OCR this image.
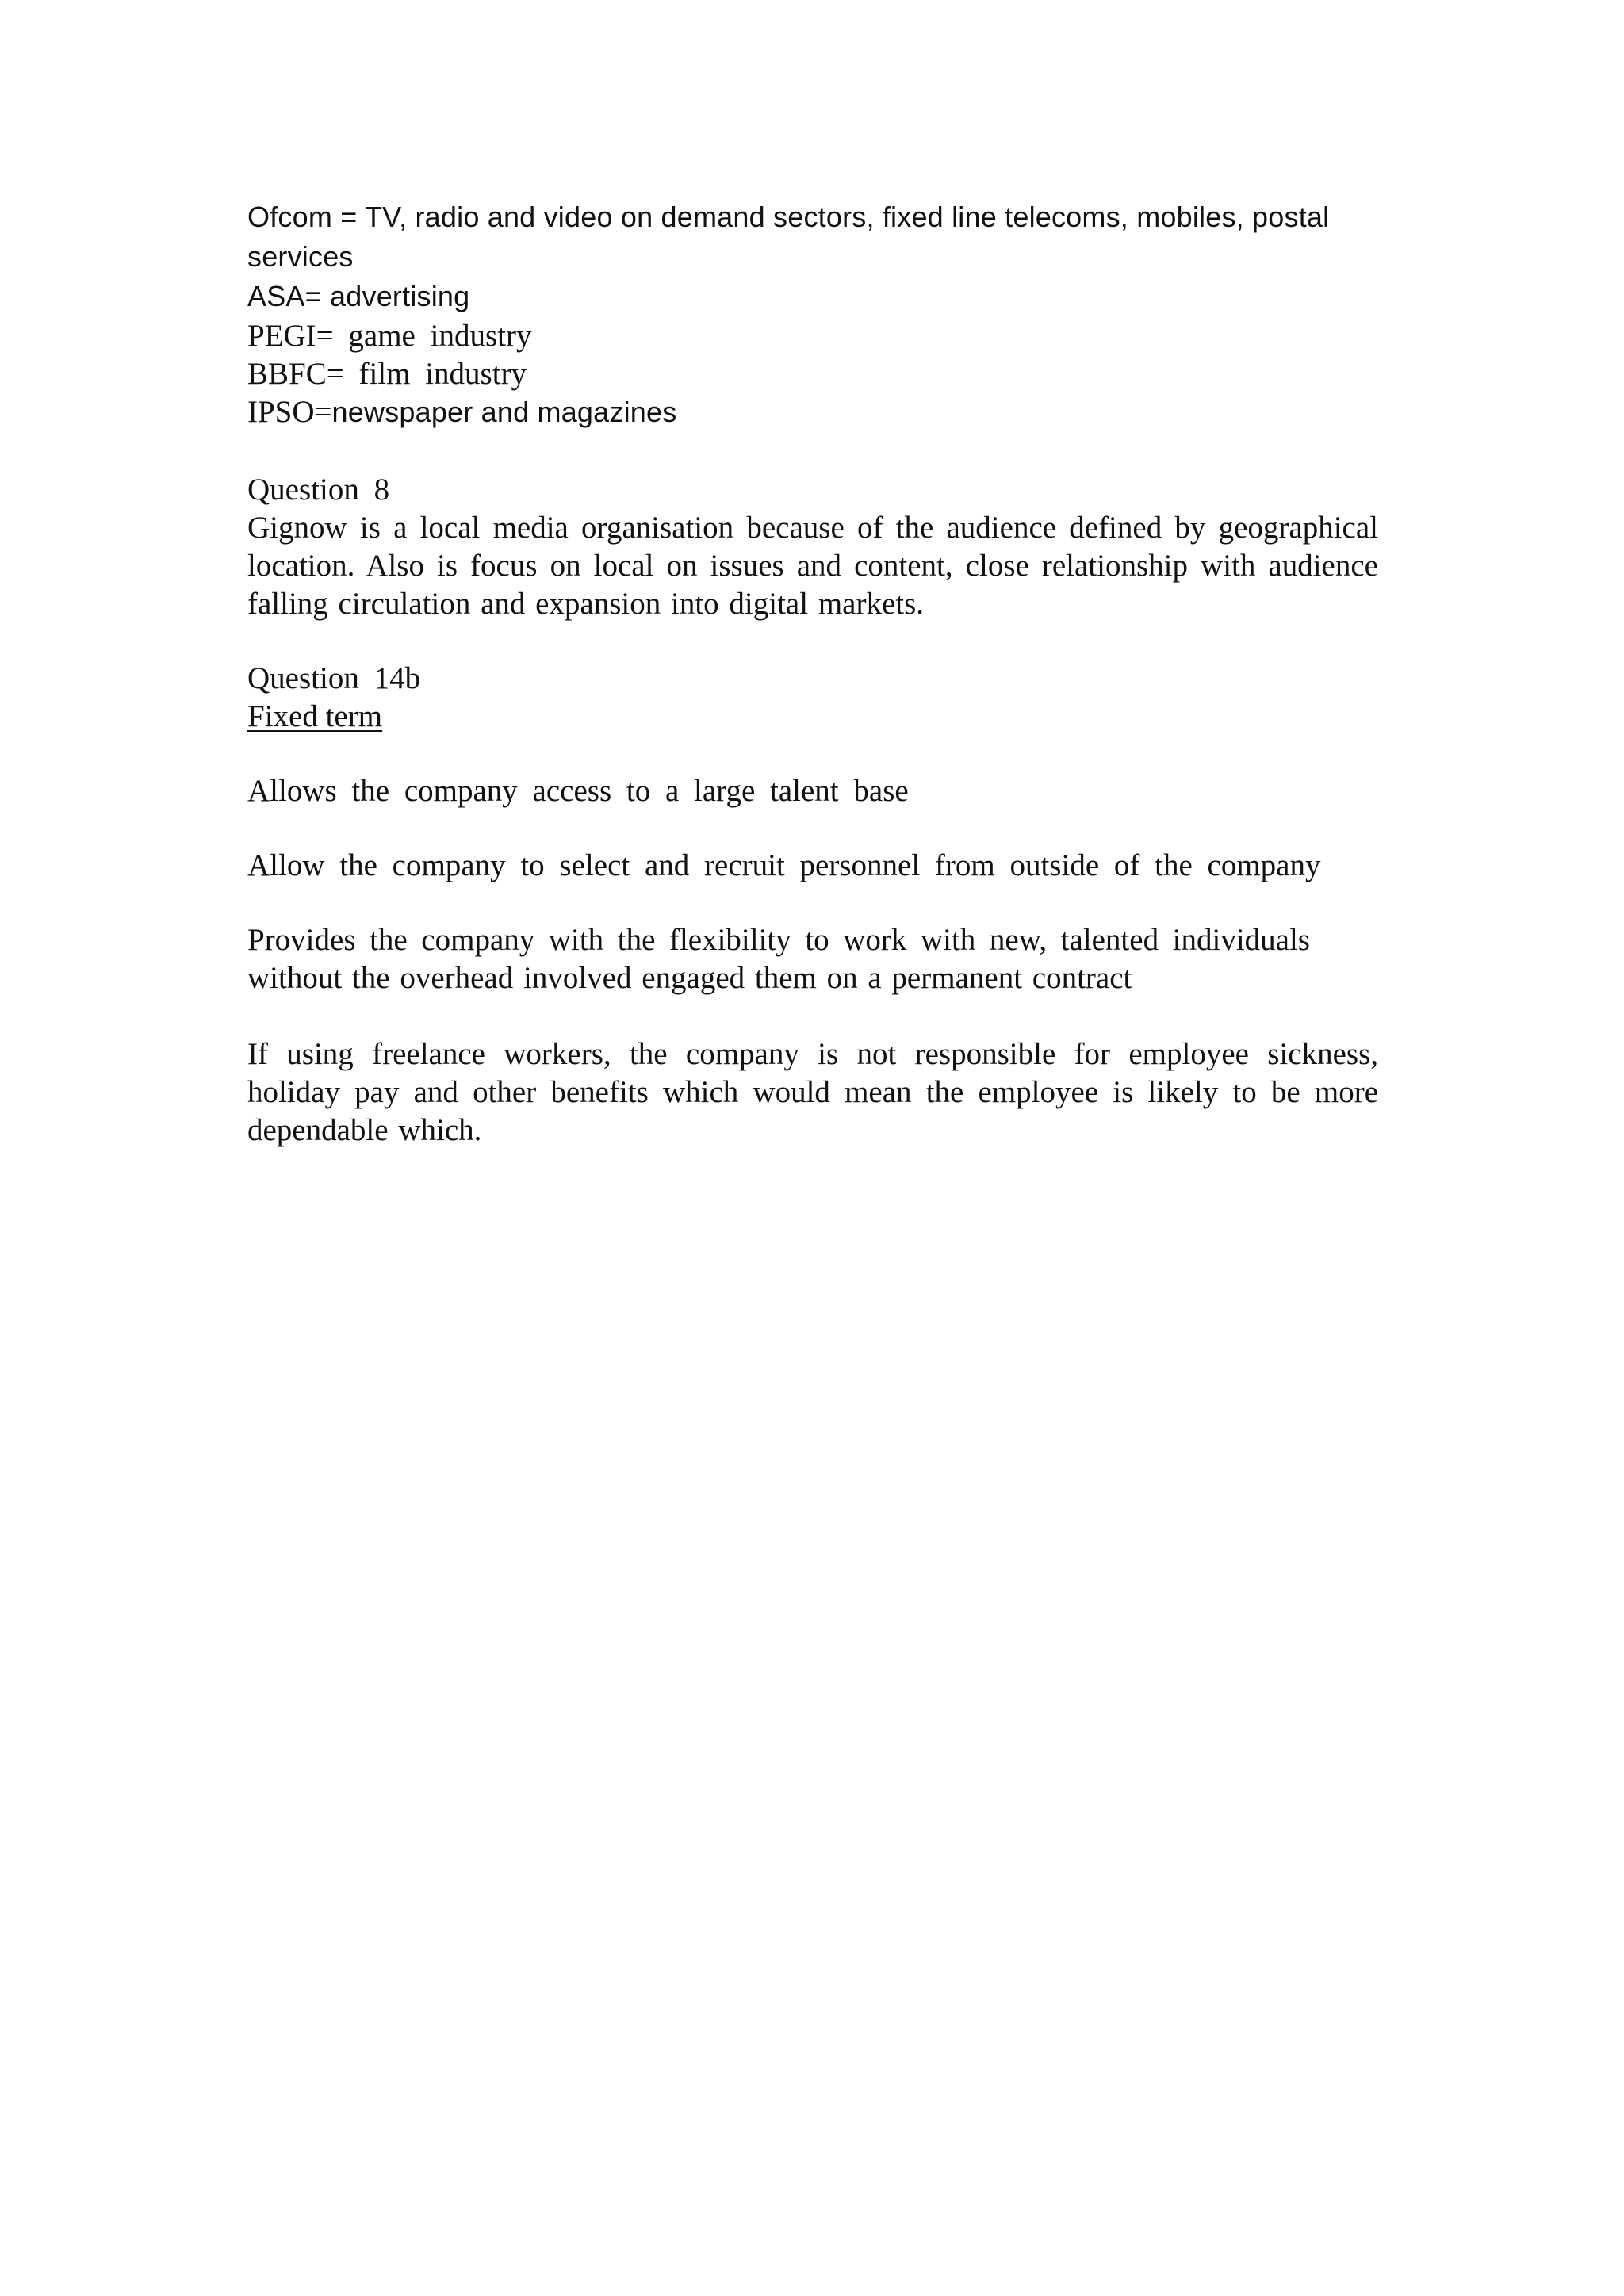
Ofcom = TV, radio and video on demand sectors, fixed line telecoms, mobiles, postal
services
ASA= advertising
PEGI= game industry
BBFC= film industry
IPSO=newspaper and magazines
Question 8
Gignow is a local media organisation because of the audience defined by geographical location. Also is focus on local on issues and content, close relationship with audience falling circulation and expansion into digital markets.
Question 14b
Fixed term
Allows the company access to a large talent base
Allow the company to select and recruit personnel from outside of the company
Provides the company with the flexibility to work with new, talented individuals without the overhead involved engaged them on a permanent contract
If using freelance workers, the company is not responsible for employee sickness, holiday pay and other benefits which would mean the employee is likely to be more dependable which.
